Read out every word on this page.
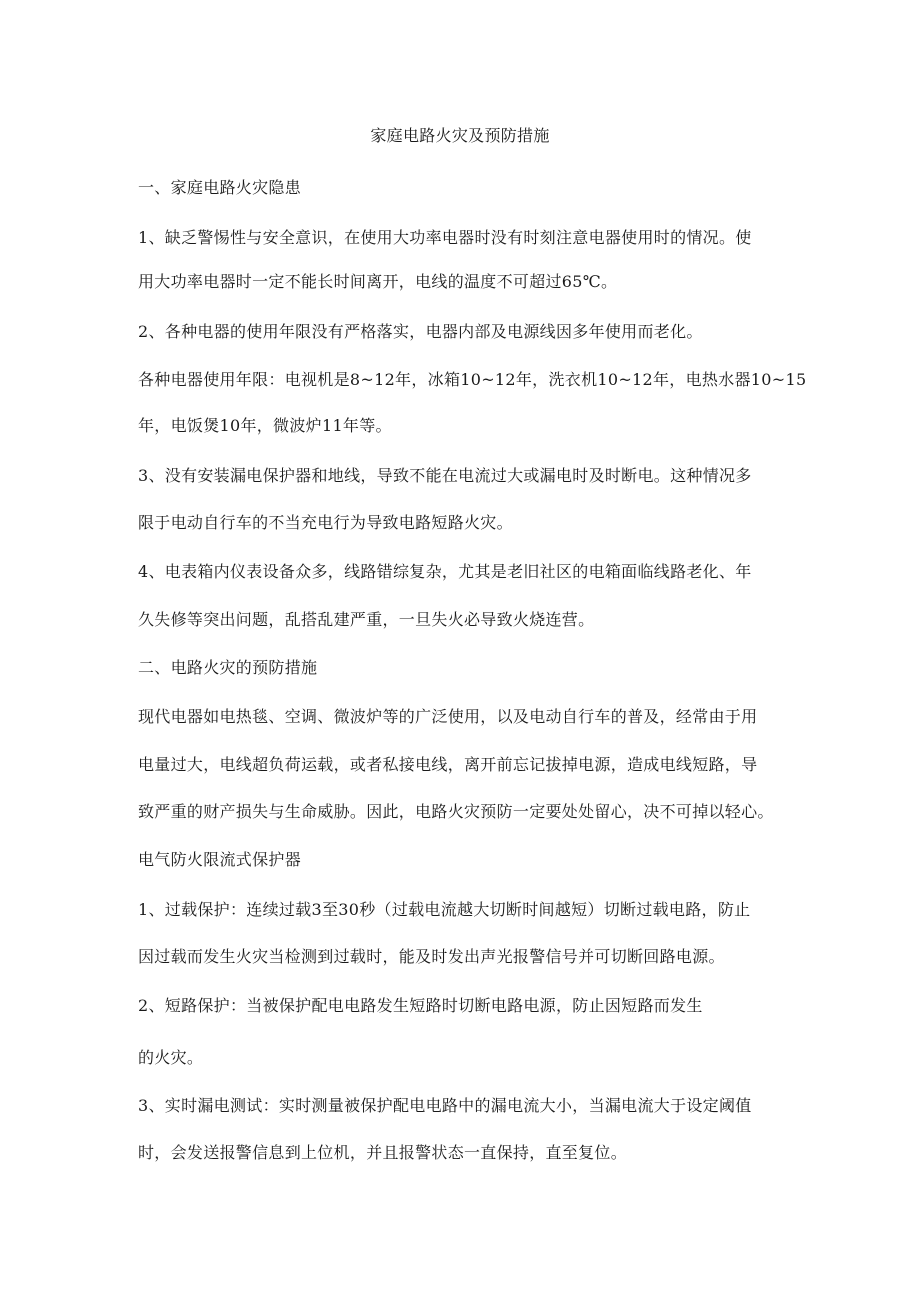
家庭电路火灾及预防措施
一、家庭电路火灾隐患
1、缺乏警惕性与安全意识，在使用大功率电器时没有时刻注意电器使用时的情况。使
用大功率电器时一定不能长时间离开，电线的温度不可超过65℃。
2、各种电器的使用年限没有严格落实，电器内部及电源线因多年使用而老化。
各种电器使用年限：电视机是8~12年，冰箱10~12年，洗衣机10~12年，电热水器10~15
年，电饭煲10年，微波炉11年等。
3、没有安装漏电保护器和地线，导致不能在电流过大或漏电时及时断电。这种情况多
限于电动自行车的不当充电行为导致电路短路火灾。
4、电表箱内仪表设备众多，线路错综复杂，尤其是老旧社区的电箱面临线路老化、年
久失修等突出问题，乱搭乱建严重，一旦失火必导致火烧连营。
二、电路火灾的预防措施
现代电器如电热毯、空调、微波炉等的广泛使用，以及电动自行车的普及，经常由于用
电量过大，电线超负荷运载，或者私接电线，离开前忘记拔掉电源，造成电线短路，导
致严重的财产损失与生命威胁。因此，电路火灾预防一定要处处留心，决不可掉以轻心。
电气防火限流式保护器
1、过载保护：连续过载3至30秒（过载电流越大切断时间越短）切断过载电路，防止
因过载而发生火灾当检测到过载时，能及时发出声光报警信号并可切断回路电源。
2、短路保护：当被保护配电电路发生短路时切断电路电源，防止因短路而发生
的火灾。
3、实时漏电测试：实时测量被保护配电电路中的漏电流大小，当漏电流大于设定阈值
时，会发送报警信息到上位机，并且报警状态一直保持，直至复位。
